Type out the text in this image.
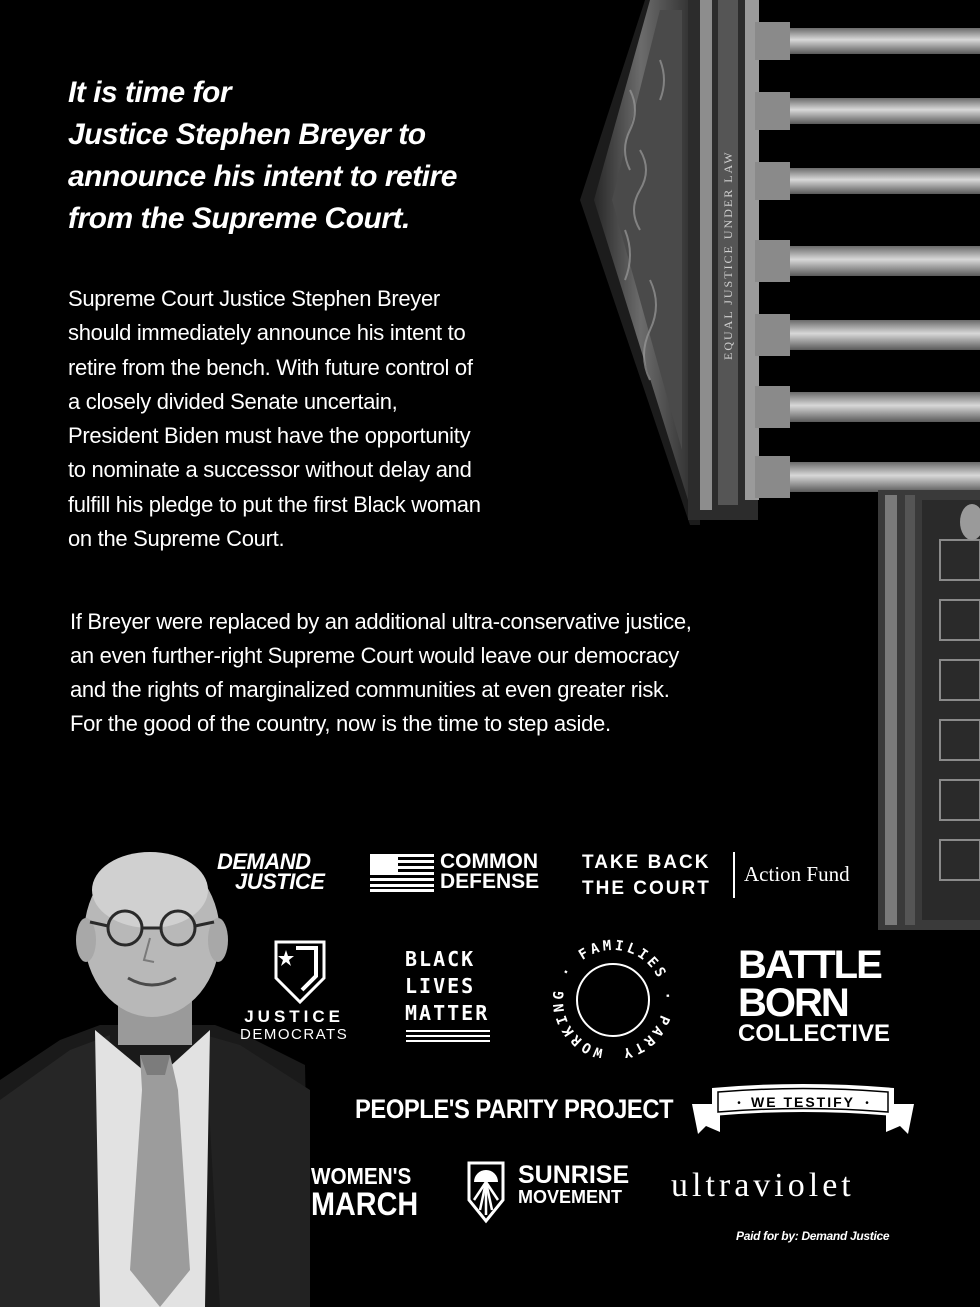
EQUAL JUSTICE UNDER LAW
It is time for
Justice Stephen Breyer to
announce his intent to retire
from the Supreme Court.
Supreme Court Justice Stephen Breyer
should immediately announce his intent to
retire from the bench. With future control of
a closely divided Senate uncertain,
President Biden must have the opportunity
to nominate a successor without delay and
fulfill his pledge to put the first Black woman
on the Supreme Court.
If Breyer were replaced by an additional ultra-conservative justice,
an even further-right Supreme Court would leave our democracy
and the rights of marginalized communities at even greater risk.
For the good of the country, now is the time to step aside.
DEMAND
JUSTICE
COMMON
DEFENSE
TAKE BACK
THE COURT
Action Fund
JUSTICE
DEMOCRATS
BLACK
LIVES
MATTER
WORKING · FAMILIES · PARTY
BATTLE
BORN
COLLECTIVE
PEOPLE'S PARITY PROJECT	WE TESTIFY
•	•
WOMEN'S
MARCH
SUNRISE
MOVEMENT ultraviolet
Paid for by: Demand Justice
